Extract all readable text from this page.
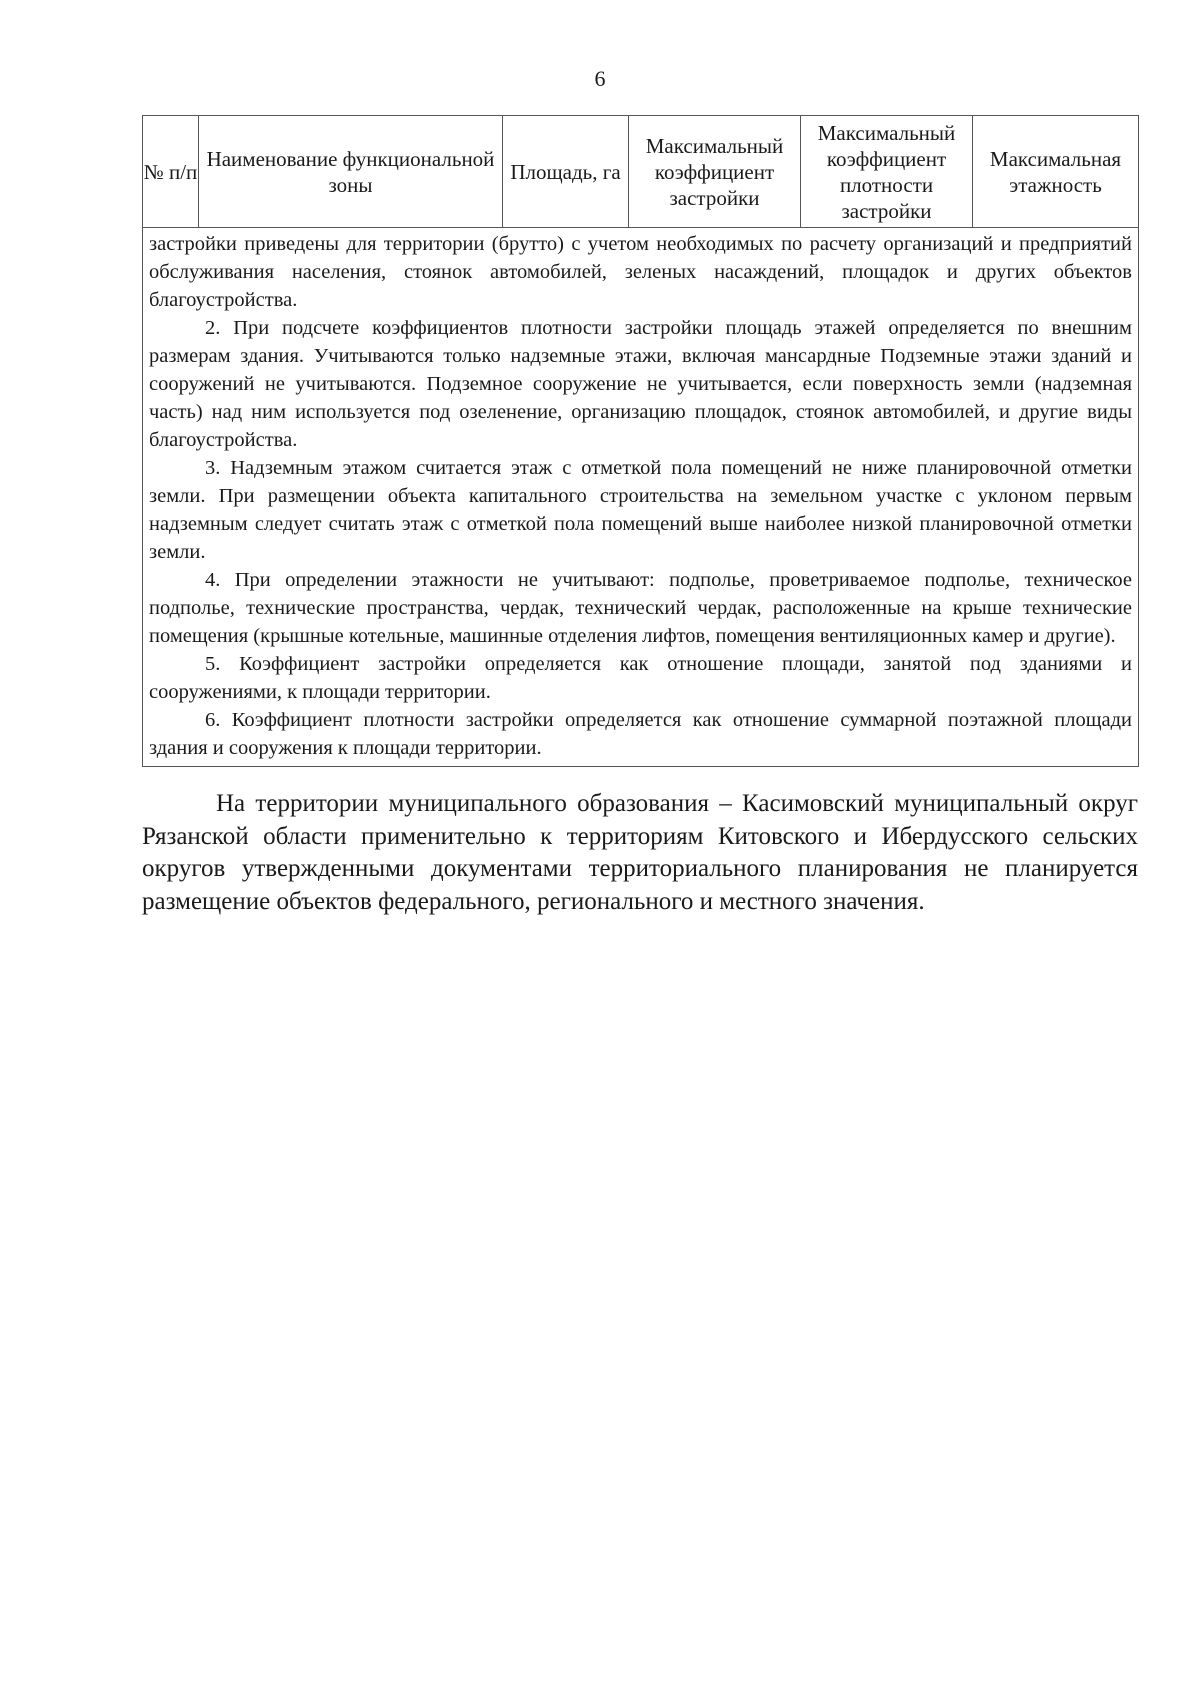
6
№ п/п	Наименование функциональной зоны	Площадь, га	Максимальный коэффициент застройки	Максимальный коэффициент плотности застройки	Максимальная этажность

застройки приведены для территории (брутто) с учетом необходимых по расчету организаций и предприятий обслуживания населения, стоянок автомобилей, зеленых насаждений, площадок и других объектов благоустройства.

2. При подсчете коэффициентов плотности застройки площадь этажей определяется по внешним размерам здания. Учитываются только надземные этажи, включая мансардные Подземные этажи зданий и сооружений не учитываются. Подземное сооружение не учитывается, если поверхность земли (надземная часть) над ним используется под озеленение, организацию площадок, стоянок автомобилей, и другие виды благоустройства.

3. Надземным этажом считается этаж с отметкой пола помещений не ниже планировочной отметки земли. При размещении объекта капитального строительства на земельном участке с уклоном первым надземным следует считать этаж с отметкой пола помещений выше наиболее низкой планировочной отметки земли.

4. При определении этажности не учитывают: подполье, проветриваемое подполье, техническое подполье, технические пространства, чердак, технический чердак, расположенные на крыше технические помещения (крышные котельные, машинные отделения лифтов, помещения вентиляционных камер и другие).

5. Коэффициент застройки определяется как отношение площади, занятой под зданиями и сооружениями, к площади территории.

6. Коэффициент плотности застройки определяется как отношение суммарной поэтажной площади здания и сооружения к площади территории.

На территории муниципального образования – Касимовский муниципальный округ Рязанской области применительно к территориям Китовского и Ибердусского сельских округов утвержденными документами территориального планирования не планируется размещение объектов федерального, регионального и местного значения.
